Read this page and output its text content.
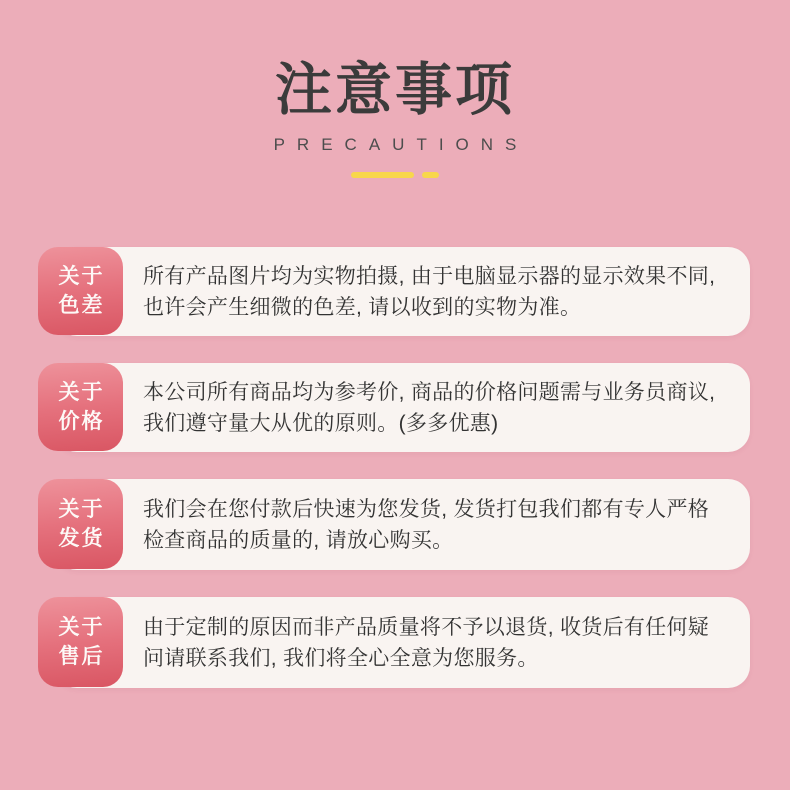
注意事项
PRECAUTIONS
所有产品图片均为实物拍摄, 由于电脑显示器的显示效果不同, 也许会产生细微的色差, 请以收到的实物为准。
关于
色差
本公司所有商品均为参考价, 商品的价格问题需与业务员商议, 我们遵守量大从优的原则。(多多优惠)
关于
价格
我们会在您付款后快速为您发货, 发货打包我们都有专人严格检查商品的质量的, 请放心购买。
关于
发货
由于定制的原因而非产品质量将不予以退货, 收货后有任何疑问请联系我们, 我们将全心全意为您服务。
关于
售后
